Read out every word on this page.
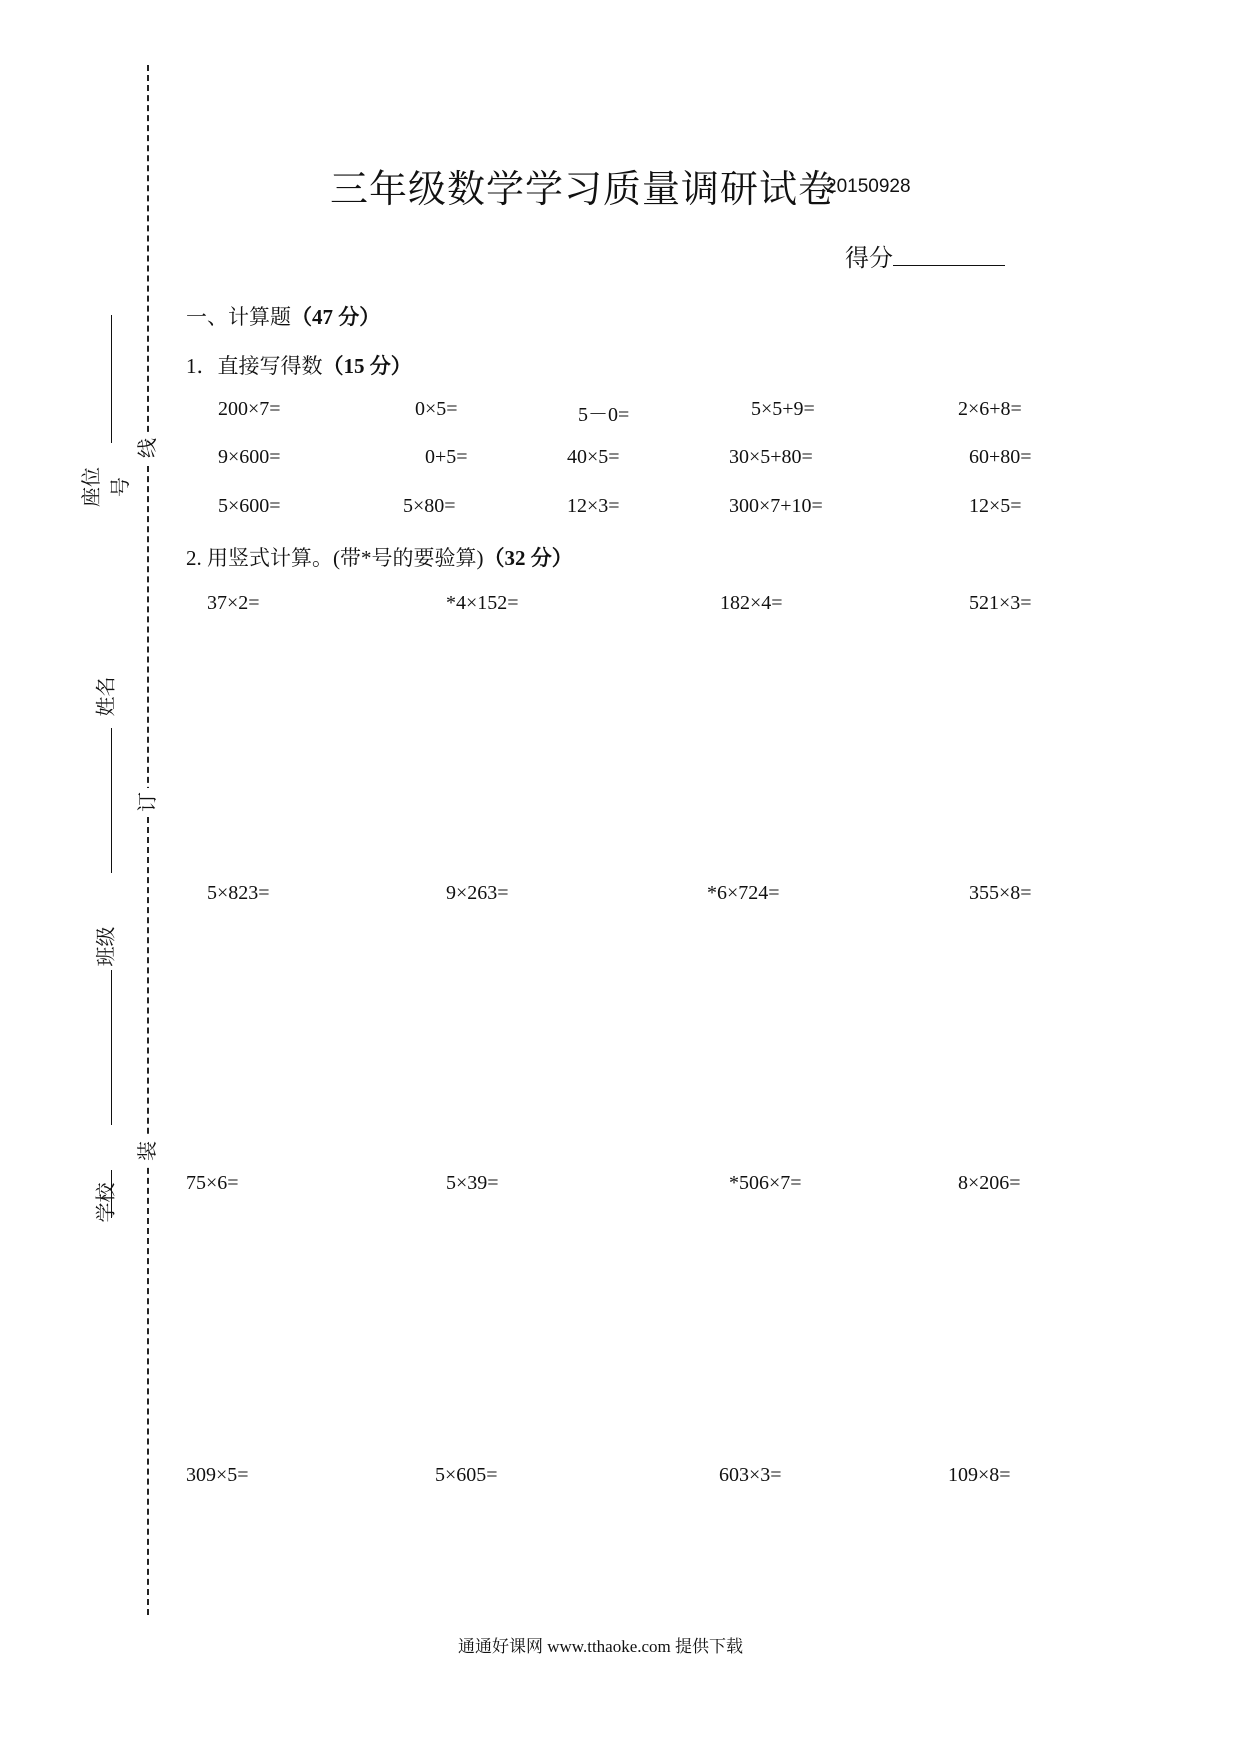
线
订
装
座位号
姓名
班级
学校
三年级数学学习质量调研试卷
20150928
得分
一、计算题（47 分）
1．直接写得数（15 分）
200×7=	0×5=	5－0=	5×5+9=	2×6+8=
9×600=	0+5=	40×5=	30×5+80=	60+80=
5×600=	5×80=	12×3=	300×7+10=	12×5=
2. 用竖式计算。(带*号的要验算)（32 分）
37×2=	*4×152=	182×4=	521×3=
5×823=	9×263=	*6×724=	355×8=
75×6=	5×39=	*506×7=	8×206=
309×5=	5×605=	603×3=	109×8=
通通好课网 www.tthaoke.com 提供下载
